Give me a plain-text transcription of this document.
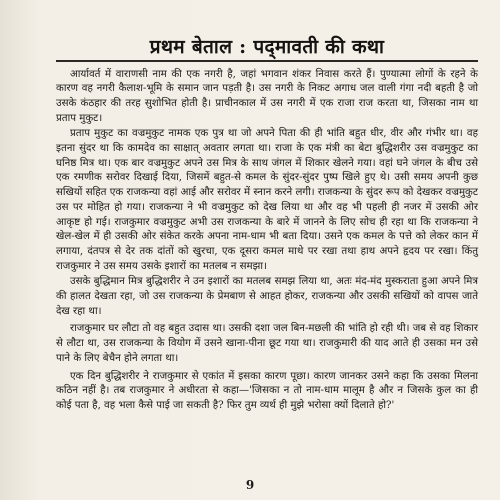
प्रथम बेताल : पद्‌मावती की कथा

आर्यावर्त में वाराणसी नाम की एक नगरी है, जहां भगवान शंकर निवास करते हैं। पुण्यात्मा लोगों के रहने के कारण वह नगरी कैलाश-भूमि के समान जान पड़ती है। उस नगरी के निकट अगाध जल वाली गंगा नदी बहती है जो उसके कंठहार की तरह सुशोभित होती है। प्राचीनकाल में उस नगरी में एक राजा राज करता था, जिसका नाम था प्रताप मुकुट।

प्रताप मुकुट का वज्रमुकुट नामक एक पुत्र था जो अपने पिता की ही भांति बहुत धीर, वीर और गंभीर था। वह इतना सुंदर था कि कामदेव का साक्षात् अवतार लगता था। राजा के एक मंत्री का बेटा बुद्धिशरीर उस वज्रमुकुट का घनिष्ठ मित्र था। एक बार वज्रमुकुट अपने उस मित्र के साथ जंगल में शिकार खेलने गया। वहां घने जंगल के बीच उसे एक रमणीक सरोवर दिखाई दिया, जिसमें बहुत-से कमल के सुंदर-सुंदर पुष्प खिले हुए थे। उसी समय अपनी कुछ सखियों सहित एक राजकन्या वहां आई और सरोवर में स्नान करने लगी। राजकन्या के सुंदर रूप को देखकर वज्रमुकुट उस पर मोहित हो गया। राजकन्या ने भी वज्रमुकुट को देख लिया था और वह भी पहली ही नजर में उसकी ओर आकृष्ट हो गई। राजकुमार वज्रमुकुट अभी उस राजकन्या के बारे में जानने के लिए सोच ही रहा था कि राजकन्या ने खेल-खेल में ही उसकी ओर संकेत करके अपना नाम-धाम भी बता दिया। उसने एक कमल के पत्ते को लेकर कान में लगाया, दंतपत्र से देर तक दांतों को खुरचा, एक दूसरा कमल माथे पर रखा तथा हाथ अपने हृदय पर रखा। किंतु राजकुमार ने उस समय उसके इशारों का मतलब न समझा।

उसके बुद्धिमान मित्र बुद्धिशरीर ने उन इशारों का मतलब समझ लिया था, अतः मंद-मंद मुस्कराता हुआ अपने मित्र की हालत देखता रहा, जो उस राजकन्या के प्रेमबाण से आहत होकर, राजकन्या और उसकी सखियों को वापस जाते देख रहा था।

राजकुमार घर लौटा तो वह बहुत उदास था। उसकी दशा जल बिन-मछली की भांति हो रही थी। जब से वह शिकार से लौटा था, उस राजकन्या के वियोग में उसने खाना-पीना छूट गया था। राजकुमारी की याद आते ही उसका मन उसे पाने के लिए बेचैन होने लगता था।

एक दिन बुद्धिशरीर ने राजकुमार से एकांत में इसका कारण पूछा। कारण जानकर उसने कहा कि उसका मिलना कठिन नहीं है। तब राजकुमार ने अधीरता से कहा—'जिसका न तो नाम-धाम मालूम है और न जिसके कुल का ही कोई पता है, वह भला कैसे पाई जा सकती है? फिर तुम व्यर्थ ही मुझे भरोसा क्यों दिलाते हो?'

9
